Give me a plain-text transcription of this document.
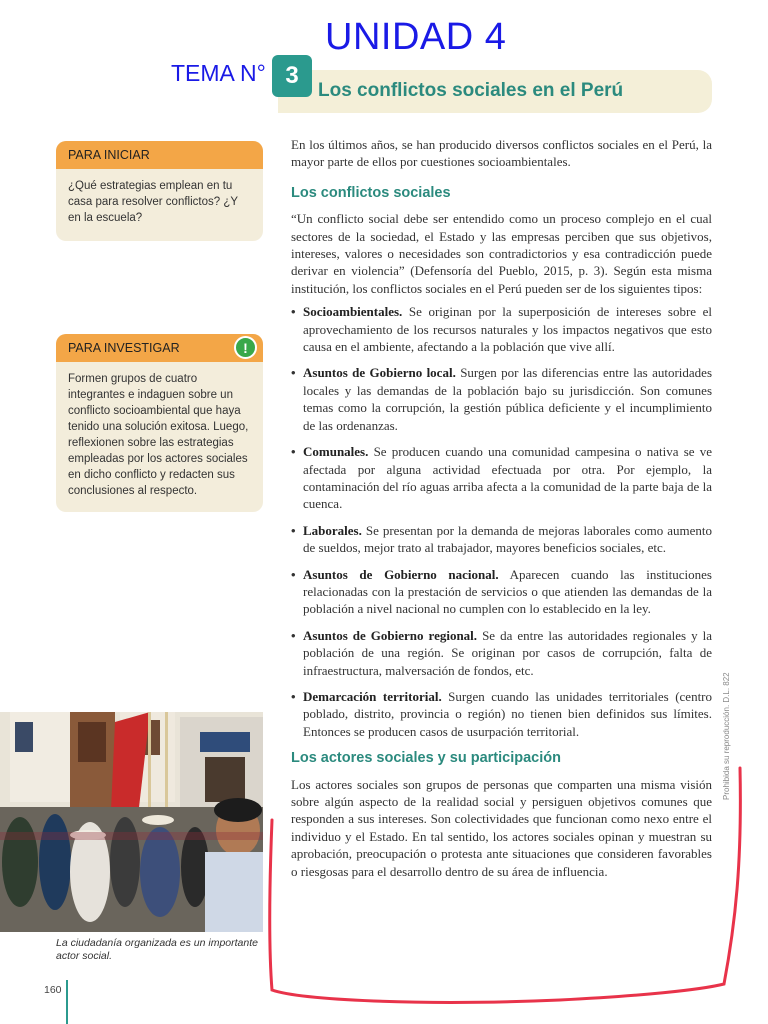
UNIDAD 4
TEMA N° 3
Los conflictos sociales en el Perú
PARA INICIAR
¿Qué estrategias emplean en tu casa para resolver conflictos? ¿Y en la escuela?
PARA INVESTIGAR	!
Formen grupos de cuatro integrantes e indaguen sobre un conflicto socioambiental que haya tenido una solución exitosa. Luego, reflexionen sobre las estrategias empleadas por los actores sociales en dicho conflicto y redacten sus conclusiones al respecto.
La ciudadanía organizada es un importante actor social.
160

En los últimos años, se han producido diversos conflictos sociales en el Perú, la mayor parte de ellos por cuestiones socioambientales.

Los conflictos sociales

“Un conflicto social debe ser entendido como un proceso complejo en el cual sectores de la sociedad, el Estado y las empresas perciben que sus objetivos, intereses, valores o necesidades son contradictorios y esa contradicción puede derivar en violencia” (Defensoría del Pueblo, 2015, p. 3). Según esta misma institución, los conflictos sociales en el Perú pueden ser de los siguientes tipos:

• Socioambientales. Se originan por la superposición de intereses sobre el aprovechamiento de los recursos naturales y los impactos negativos que esto causa en el ambiente, afectando a la población que vive allí.
• Asuntos de Gobierno local. Surgen por las diferencias entre las autoridades locales y las demandas de la población bajo su jurisdicción. Son comunes temas como la corrupción, la gestión pública deficiente y el incumplimiento de las ordenanzas.
• Comunales. Se producen cuando una comunidad campesina o nativa se ve afectada por alguna actividad efectuada por otra. Por ejemplo, la contaminación del río aguas arriba afecta a la comunidad de la parte baja de la cuenca.
• Laborales. Se presentan por la demanda de mejoras laborales como aumento de sueldos, mejor trato al trabajador, mayores beneficios sociales, etc.
• Asuntos de Gobierno nacional. Aparecen cuando las instituciones relacionadas con la prestación de servicios o que atienden las demandas de la población a nivel nacional no cumplen con lo establecido en la ley.
• Asuntos de Gobierno regional. Se da entre las autoridades regionales y la población de una región. Se originan por casos de corrupción, falta de infraestructura, malversación de fondos, etc.
• Demarcación territorial. Surgen cuando las unidades territoriales (centro poblado, distrito, provincia o región) no tienen bien definidos sus límites. Entonces se producen casos de usurpación territorial.
Los actores sociales y su participación

Los actores sociales son grupos de personas que comparten una misma visión sobre algún aspecto de la realidad social y persiguen objetivos comunes que responden a sus intereses. Son colectividades que funcionan como nexo entre el individuo y el Estado. En tal sentido, los actores sociales opinan y muestran su aprobación, preocupación o protesta ante situaciones que consideren favorables o riesgosas para el desarrollo dentro de su área de influencia.

Prohibida su reproducción. D.L. 822
